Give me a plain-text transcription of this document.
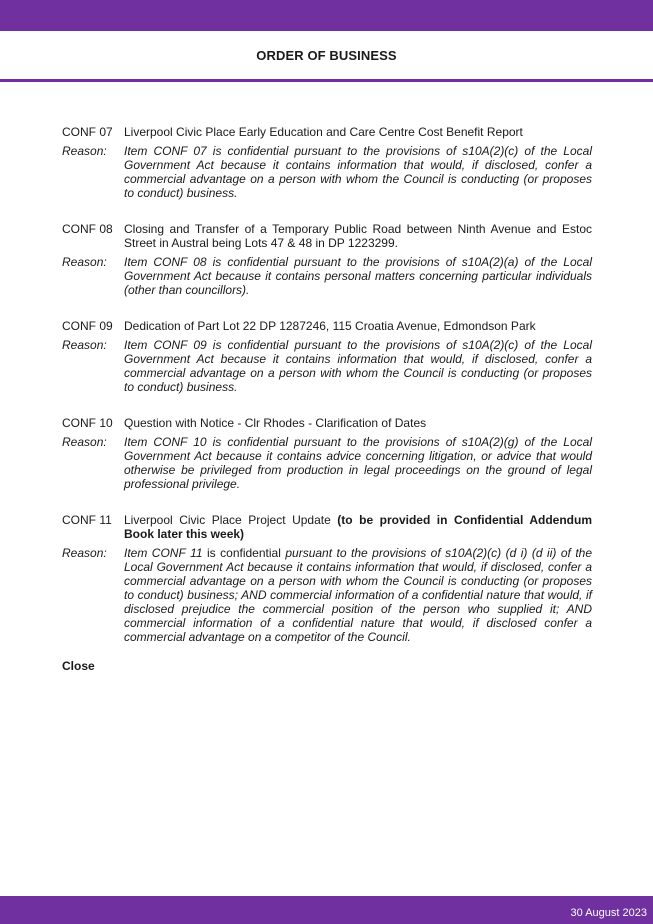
ORDER OF BUSINESS
CONF 07 Liverpool Civic Place Early Education and Care Centre Cost Benefit Report
Reason:	Item CONF 07 is confidential pursuant to the provisions of s10A(2)(c) of the Local Government Act because it contains information that would, if disclosed, confer a commercial advantage on a person with whom the Council is conducting (or proposes to conduct) business.
CONF 08 Closing and Transfer of a Temporary Public Road between Ninth Avenue and Estoc Street in Austral being Lots 47 & 48 in DP 1223299.
Reason:	Item CONF 08 is confidential pursuant to the provisions of s10A(2)(a) of the Local Government Act because it contains personal matters concerning particular individuals (other than councillors).
CONF 09 Dedication of Part Lot 22 DP 1287246, 115 Croatia Avenue, Edmondson Park
Reason:	Item CONF 09 is confidential pursuant to the provisions of s10A(2)(c) of the Local Government Act because it contains information that would, if disclosed, confer a commercial advantage on a person with whom the Council is conducting (or proposes to conduct) business.
CONF 10 Question with Notice - Clr Rhodes - Clarification of Dates
Reason:	Item CONF 10 is confidential pursuant to the provisions of s10A(2)(g) of the Local Government Act because it contains advice concerning litigation, or advice that would otherwise be privileged from production in legal proceedings on the ground of legal professional privilege.
CONF 11	Liverpool Civic Place Project Update (to be provided in Confidential Addendum Book later this week)
Reason:	Item CONF 11 is confidential pursuant to the provisions of s10A(2)(c) (d i) (d ii) of the Local Government Act because it contains information that would, if disclosed, confer a commercial advantage on a person with whom the Council is conducting (or proposes to conduct) business; AND commercial information of a confidential nature that would, if disclosed prejudice the commercial position of the person who supplied it; AND commercial information of a confidential nature that would, if disclosed confer a commercial advantage on a competitor of the Council.
Close
30 August 2023
